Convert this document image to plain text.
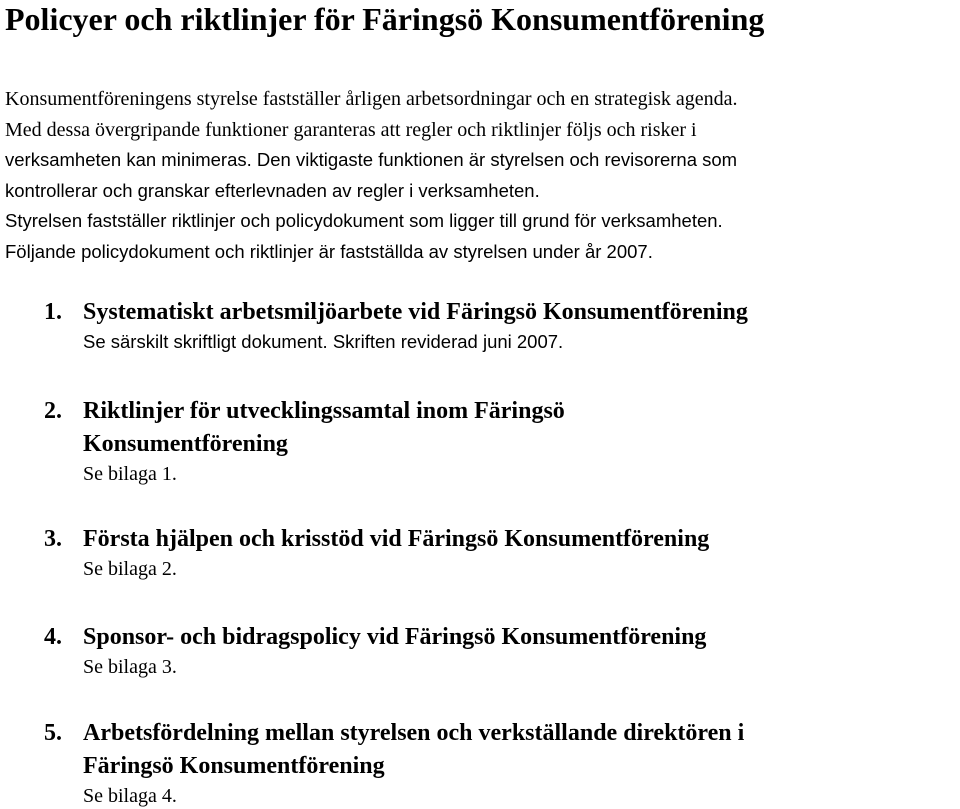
Policyer och riktlinjer för Färingsö Konsumentförening
Konsumentföreningens styrelse fastställer årligen arbetsordningar och en strategisk agenda.
Med dessa övergripande funktioner garanteras att regler och riktlinjer följs och risker i
verksamheten kan minimeras. Den viktigaste funktionen är styrelsen och revisorerna som
kontrollerar och granskar efterlevnaden av regler i verksamheten.
Styrelsen fastställer riktlinjer och policydokument som ligger till grund för verksamheten.
Följande policydokument och riktlinjer är fastställda av styrelsen under år 2007.
1. Systematiskt arbetsmiljöarbete vid Färingsö Konsumentförening
Se särskilt skriftligt dokument. Skriften reviderad juni 2007.
2. Riktlinjer för utvecklingssamtal inom Färingsö
Konsumentförening
Se bilaga 1.
3. Första hjälpen och krisstöd vid Färingsö Konsumentförening
Se bilaga 2.
4. Sponsor- och bidragspolicy vid Färingsö Konsumentförening
Se bilaga 3.
5. Arbetsfördelning mellan styrelsen och verkställande direktören i
Färingsö Konsumentförening
Se bilaga 4.
